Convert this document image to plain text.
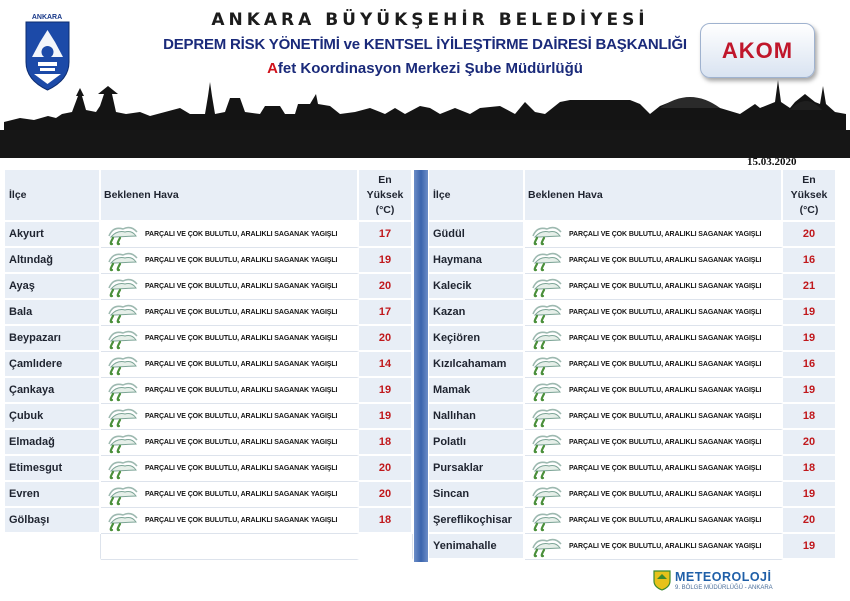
ANKARA	ANKARA BÜYÜKŞEHİR BELEDİYESİ
DEPREM RİSK YÖNETİMİ ve KENTSEL İYİLEŞTİRME DAİRESİ BAŞKANLIĞI
Afet Koordinasyon Merkezi Şube Müdürlüğü
AKOM
15.03.2020
İlçe	Beklenen Hava
En
Yüksek
(°C)
Akyurt	PARÇALI VE ÇOK BULUTLU, ARALIKLI SAĞANAK YAĞIŞLI	17
Altındağ	PARÇALI VE ÇOK BULUTLU, ARALIKLI SAĞANAK YAĞIŞLI	19
Ayaş	PARÇALI VE ÇOK BULUTLU, ARALIKLI SAĞANAK YAĞIŞLI	20
Bala	PARÇALI VE ÇOK BULUTLU, ARALIKLI SAĞANAK YAĞIŞLI	17
Beypazarı	PARÇALI VE ÇOK BULUTLU, ARALIKLI SAĞANAK YAĞIŞLI	20
Çamlıdere	PARÇALI VE ÇOK BULUTLU, ARALIKLI SAĞANAK YAĞIŞLI	14
Çankaya	PARÇALI VE ÇOK BULUTLU, ARALIKLI SAĞANAK YAĞIŞLI	19
Çubuk	PARÇALI VE ÇOK BULUTLU, ARALIKLI SAĞANAK YAĞIŞLI	19
Elmadağ	PARÇALI VE ÇOK BULUTLU, ARALIKLI SAĞANAK YAĞIŞLI	18
Etimesgut	PARÇALI VE ÇOK BULUTLU, ARALIKLI SAĞANAK YAĞIŞLI	20
Evren	PARÇALI VE ÇOK BULUTLU, ARALIKLI SAĞANAK YAĞIŞLI	20
Gölbaşı	PARÇALI VE ÇOK BULUTLU, ARALIKLI SAĞANAK YAĞIŞLI	18
İlçe	Beklenen Hava
En
Yüksek
(°C)
Güdül	PARÇALI VE ÇOK BULUTLU, ARALIKLI SAĞANAK YAĞIŞLI	20
Haymana	PARÇALI VE ÇOK BULUTLU, ARALIKLI SAĞANAK YAĞIŞLI	16
Kalecik	PARÇALI VE ÇOK BULUTLU, ARALIKLI SAĞANAK YAĞIŞLI	21
Kazan	PARÇALI VE ÇOK BULUTLU, ARALIKLI SAĞANAK YAĞIŞLI	19
Keçiören	PARÇALI VE ÇOK BULUTLU, ARALIKLI SAĞANAK YAĞIŞLI	19
Kızılcahamam	PARÇALI VE ÇOK BULUTLU, ARALIKLI SAĞANAK YAĞIŞLI	16
Mamak	PARÇALI VE ÇOK BULUTLU, ARALIKLI SAĞANAK YAĞIŞLI	19
Nallıhan	PARÇALI VE ÇOK BULUTLU, ARALIKLI SAĞANAK YAĞIŞLI	18
Polatlı	PARÇALI VE ÇOK BULUTLU, ARALIKLI SAĞANAK YAĞIŞLI	20
Pursaklar	PARÇALI VE ÇOK BULUTLU, ARALIKLI SAĞANAK YAĞIŞLI	18
Sincan	PARÇALI VE ÇOK BULUTLU, ARALIKLI SAĞANAK YAĞIŞLI	19
Şereflikoçhisar	PARÇALI VE ÇOK BULUTLU, ARALIKLI SAĞANAK YAĞIŞLI	20
Yenimahalle	PARÇALI VE ÇOK BULUTLU, ARALIKLI SAĞANAK YAĞIŞLI	19
METEOROLOJİ
9. BÖLGE MÜDÜRLÜĞÜ - ANKARA
